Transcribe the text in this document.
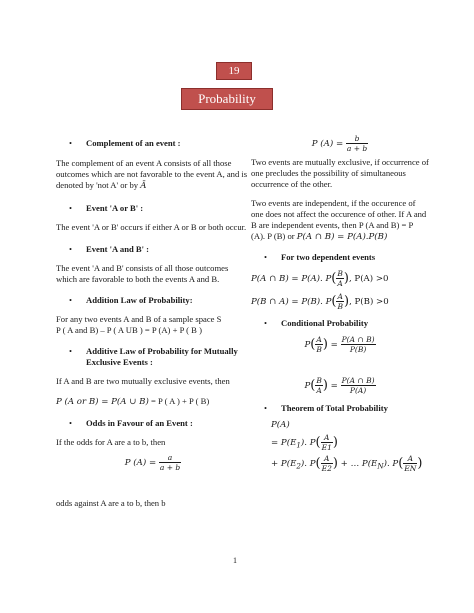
19
Probability
• Complement of an event :

The complement of an event A consists of all those outcomes which are not favorable to the event A, and is denoted by 'not A' or by Ā

• Event 'A or B' :

The event 'A or B' occurs if either A or B or both occur.

• Event 'A and B' :

The event 'A and B' consists of all those outcomes which are favorable to both the events A and B.

• Addition Law of Probability:

For any two events A and B of a sample space S

P ( A and B) – P ( A UB ) = P (A) + P ( B )

• Additive Law of Probability for Mutually Exclusive Events :

If A and B are two mutually exclusive events, then

P (A or B) = P(A ∪ B) = P ( A ) + P ( B)

• Odds in Favour of an Event :

If the odds for A are a to b, then

P $(A) = \frac{a}{a + b}$

odds against A are a to b, then b

P $(A) = \frac{b}{a + b}$

Two events are mutually exclusive, if occurrence of one precludes the possibility of simultaneous occurrence of the other.

Two events are independent, if the occurence of one does not affect the occurence of other. If A and B are independent events, then P (A and B) = P (A). P (B) or P(A ∩ B) = P(A).P(B)

• For two dependent events

P(A ∩ B) = P(A). $P( \frac{B}{A}$ ), P(A) >0

P(B ∩ A) = P(B). $P( \frac{A}{B}$ ), P(B) >0

• Conditional Probability
$P( \frac{A}{B}$ ) = $\frac{P(A \cap B)}{P(B)}$
$P( \frac{B}{A}$ ) = $\frac{P(A \cap B)}{P(A)}$
• Theorem of Total Probability
P(A)
= $P(E_1)$. $P( \frac{A}{E1}$ )
+ $P(E_2)$. $P( \frac{A}{E2}$ ) + … $P(E_N)$. $P( \frac{A}{EN}$ )
1
